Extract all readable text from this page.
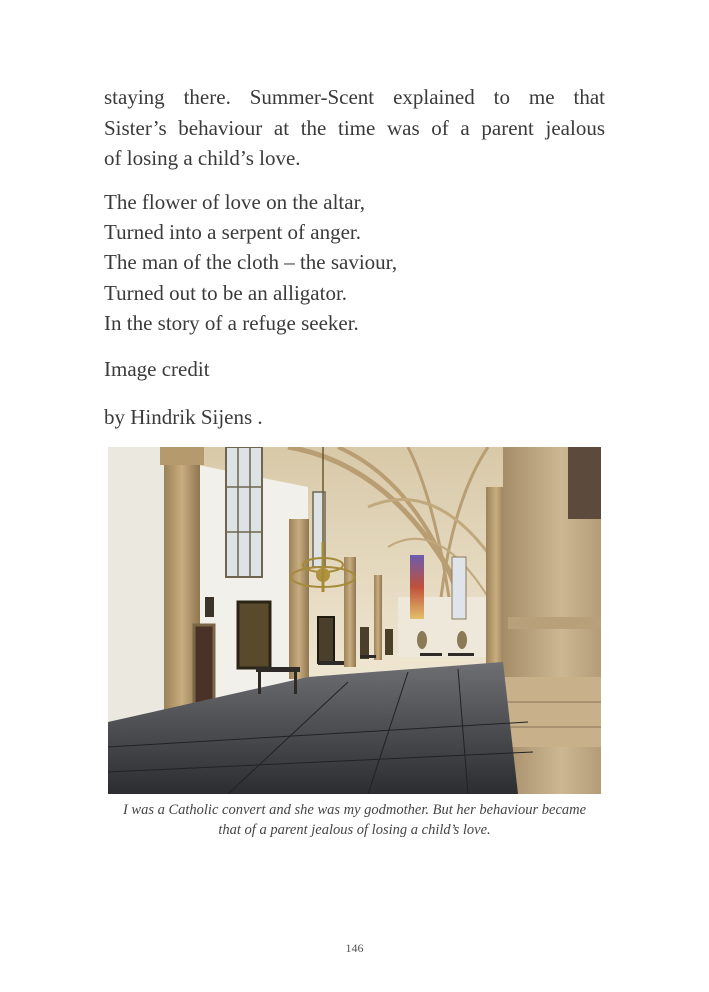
staying there. Summer-Scent explained to me that
Sister’s behaviour at the time was of a parent jealous
of losing a child’s love.
The flower of love on the altar,
Turned into a serpent of anger.
The man of the cloth – the saviour,
Turned out to be an alligator.
In the story of a refuge seeker.
Image credit
by Hindrik Sijens .
I was a Catholic convert and she was my godmother. But her behaviour became
that of a parent jealous of losing a child’s love.
146
